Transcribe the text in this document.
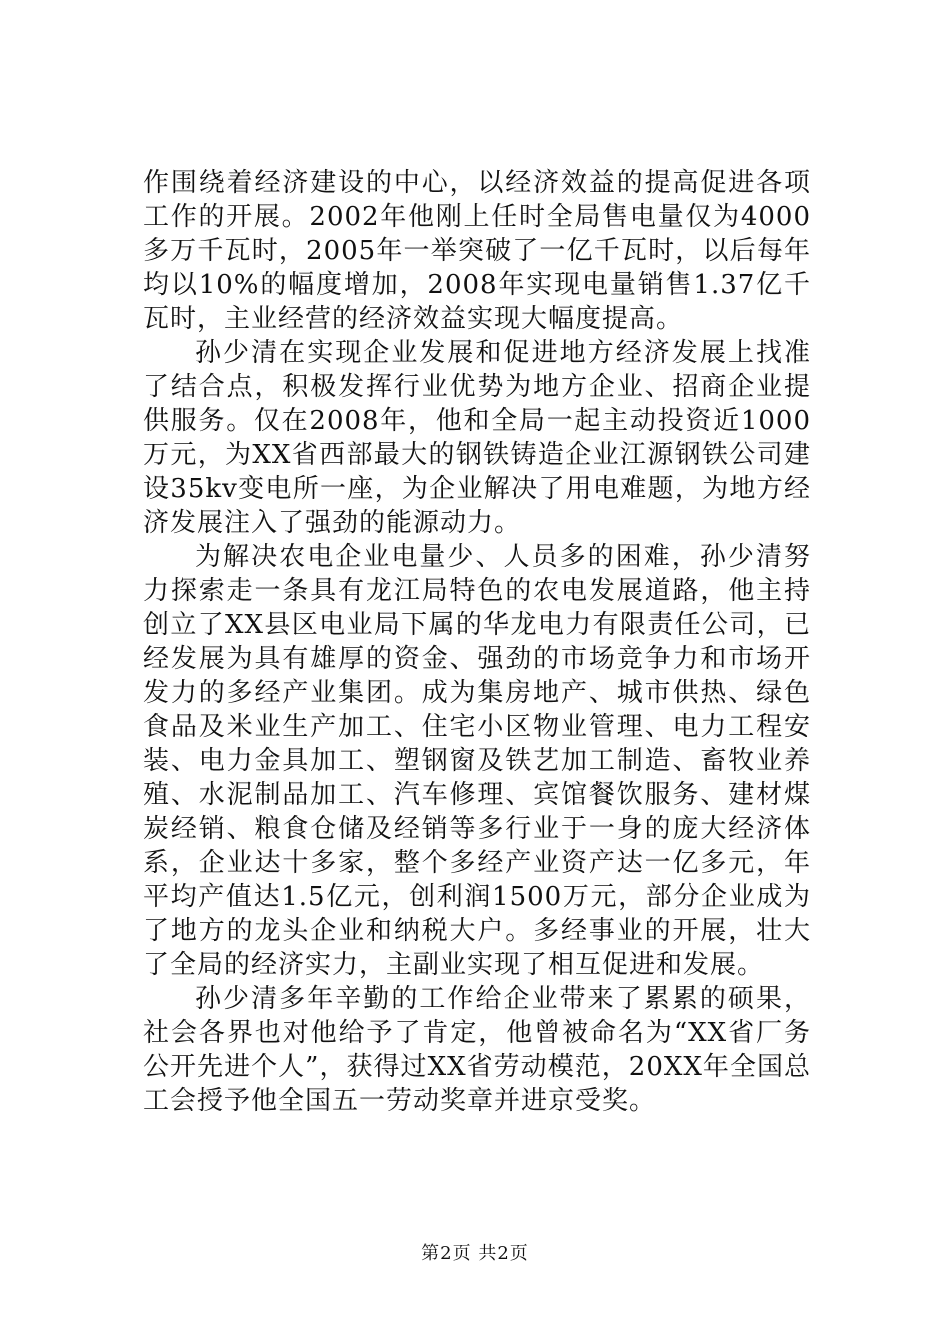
作围绕着经济建设的中心，以经济效益的提高促进各项工作的开展。2002年他刚上任时全局售电量仅为4000多万千瓦时，2005年一举突破了一亿千瓦时，以后每年均以10%的幅度增加，2008年实现电量销售1.37亿千瓦时，主业经营的经济效益实现大幅度提高。

孙少清在实现企业发展和促进地方经济发展上找准了结合点，积极发挥行业优势为地方企业、招商企业提供服务。仅在2008年，他和全局一起主动投资近1000万元，为XX省西部最大的钢铁铸造企业江源钢铁公司建设35kv变电所一座，为企业解决了用电难题，为地方经济发展注入了强劲的能源动力。

为解决农电企业电量少、人员多的困难，孙少清努力探索走一条具有龙江局特色的农电发展道路，他主持创立了XX县区电业局下属的华龙电力有限责任公司，已经发展为具有雄厚的资金、强劲的市场竞争力和市场开发力的多经产业集团。成为集房地产、城市供热、绿色食品及米业生产加工、住宅小区物业管理、电力工程安装、电力金具加工、塑钢窗及铁艺加工制造、畜牧业养殖、水泥制品加工、汽车修理、宾馆餐饮服务、建材煤炭经销、粮食仓储及经销等多行业于一身的庞大经济体系，企业达十多家，整个多经产业资产达一亿多元，年平均产值达1.5亿元，创利润1500万元，部分企业成为了地方的龙头企业和纳税大户。多经事业的开展，壮大了全局的经济实力，主副业实现了相互促进和发展。

孙少清多年辛勤的工作给企业带来了累累的硕果，社会各界也对他给予了肯定，他曾被命名为“XX省厂务公开先进个人”，获得过XX省劳动模范，20XX年全国总工会授予他全国五一劳动奖章并进京受奖。

第2页 共2页
